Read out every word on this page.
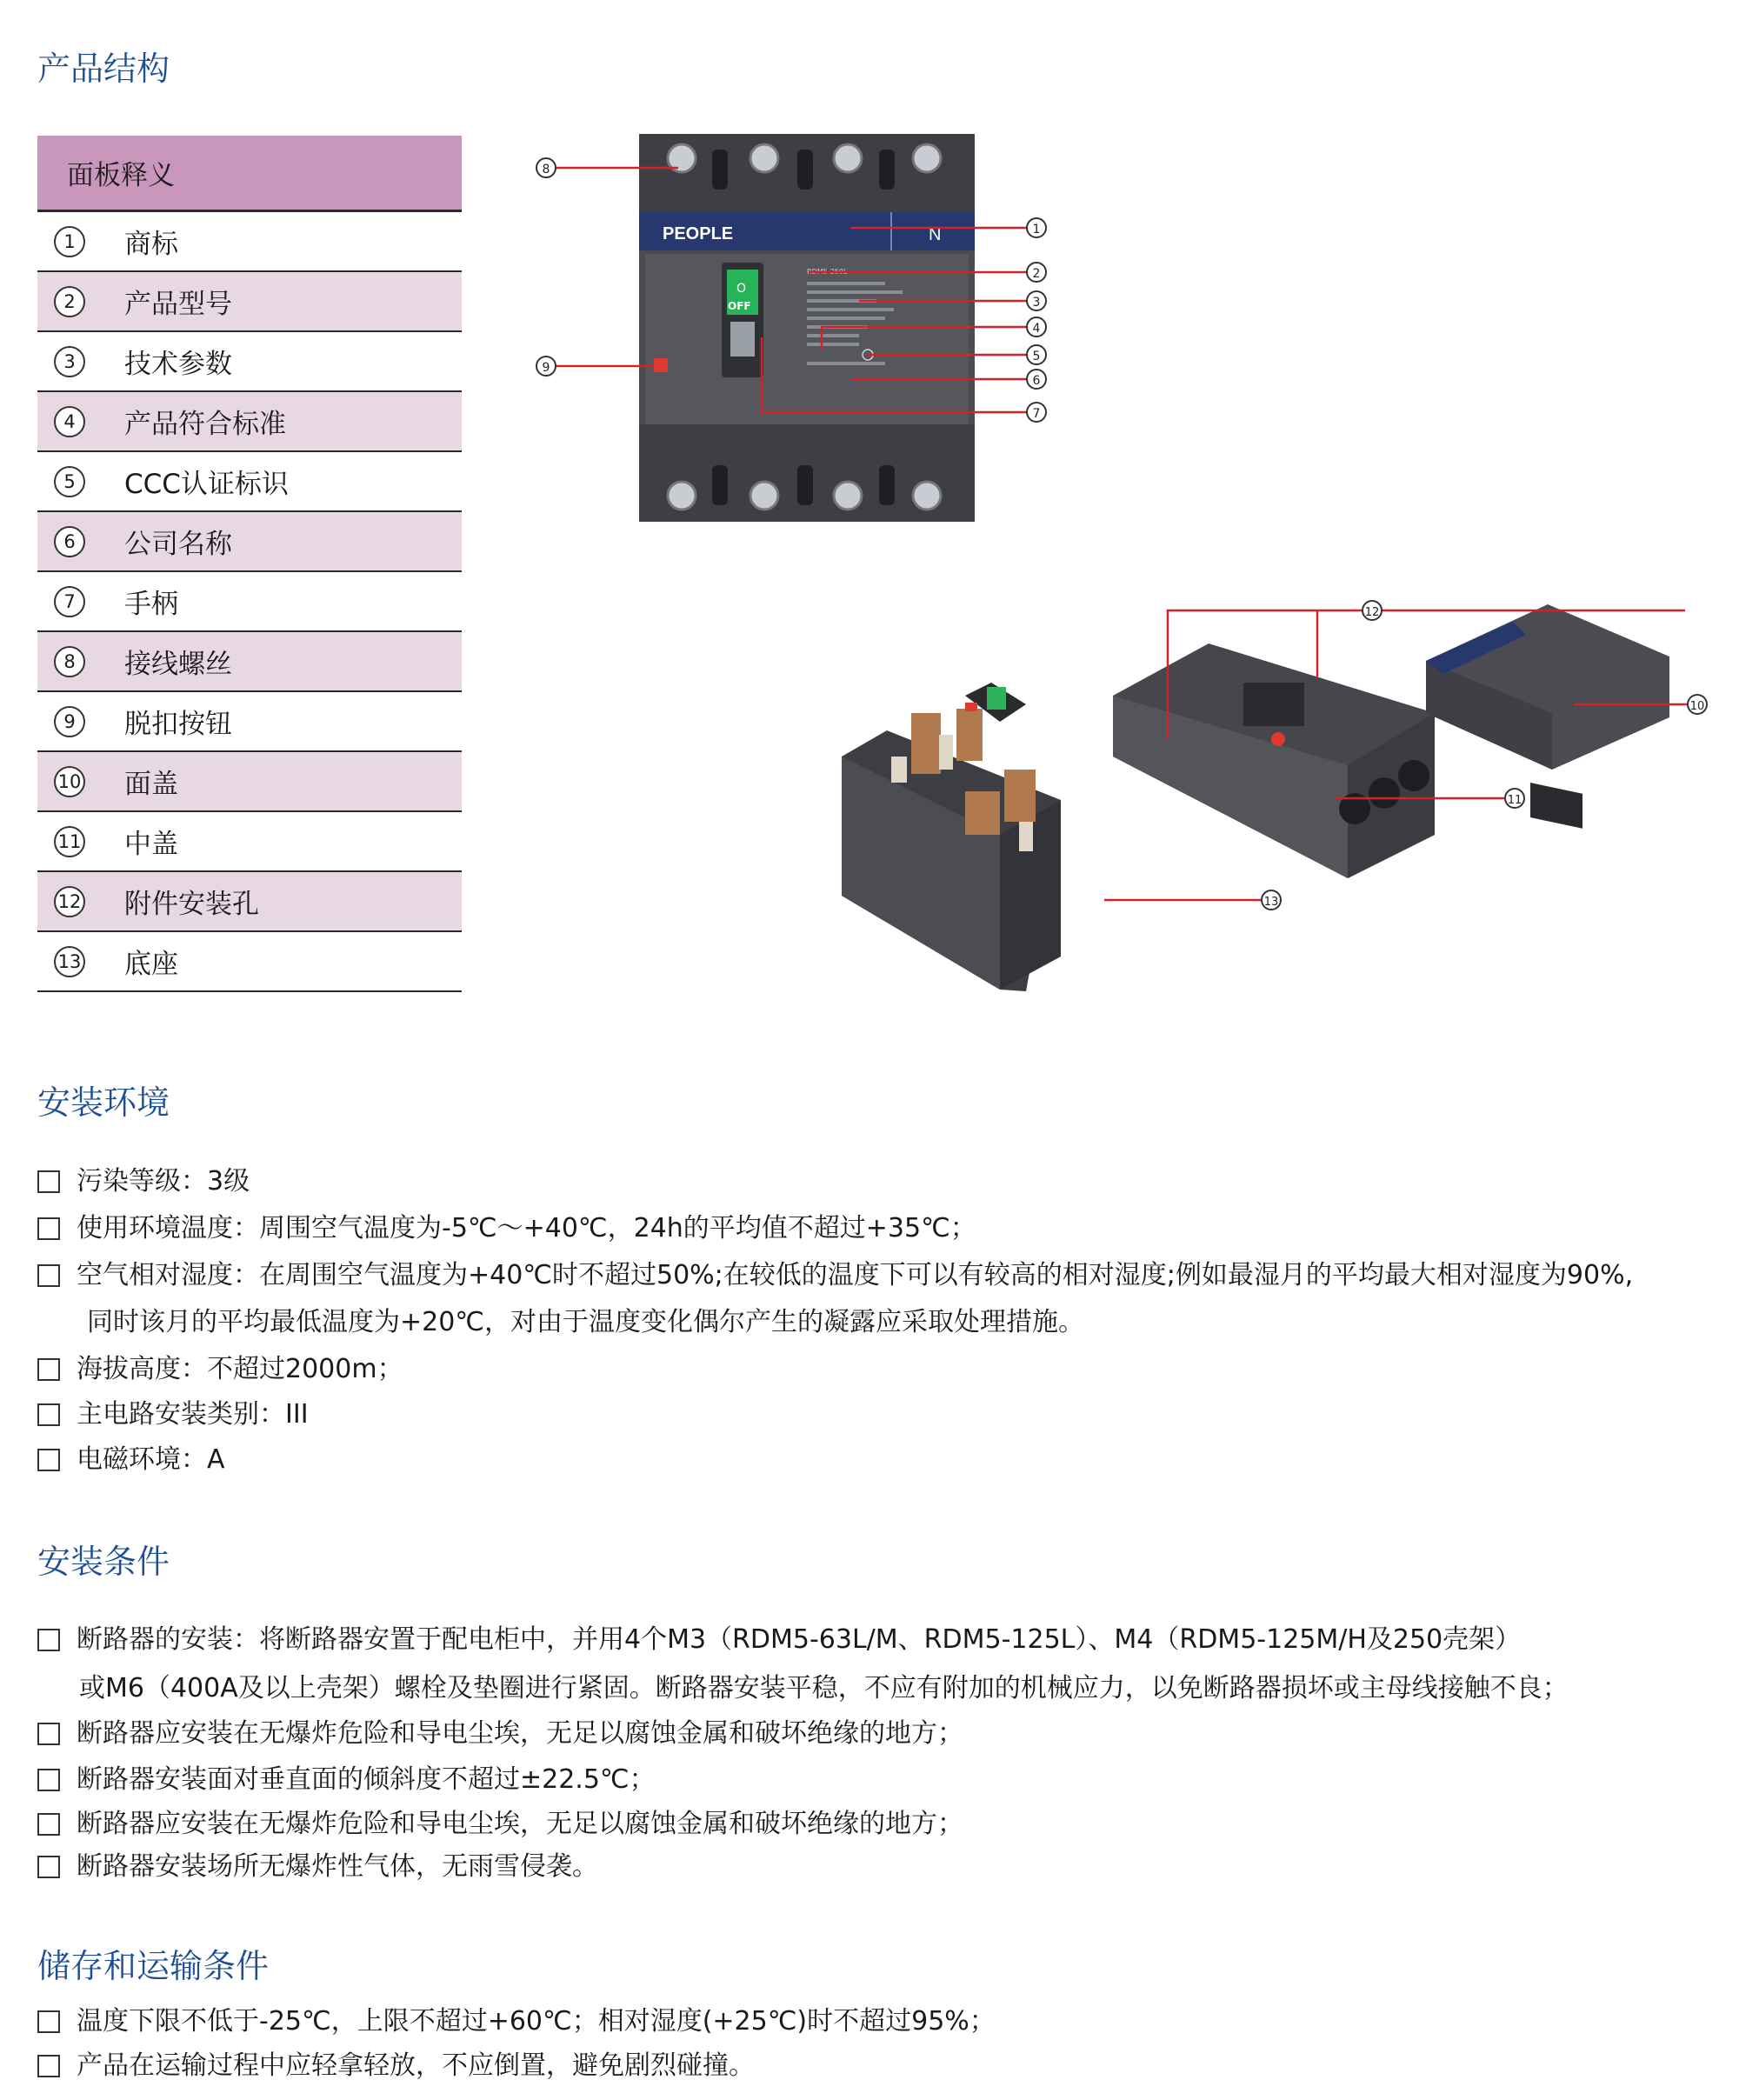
产品结构
面板释义
1	商标
2	产品型号
3	技术参数
4	产品符合标准
5	CCC认证标识
6	公司名称
7	手柄
8	接线螺丝
9	脱扣按钮
10 面盖
11 中盖
12 附件安装孔
13 底座
PEOPLE	N
O
OFF
RDM5-250L
8
9
1
2
3
4
5
6
7
12
10
11
13
安装环境
污染等级：3级
使用环境温度：周围空气温度为-5℃～+40℃，24h的平均值不超过+35℃；
空气相对湿度：在周围空气温度为+40℃时不超过50%;在较低的温度下可以有较高的相对湿度;例如最湿月的平均最大相对湿度为90%,
同时该月的平均最低温度为+20℃，对由于温度变化偶尔产生的凝露应采取处理措施。
海拔高度：不超过2000m；
主电路安装类别：III
电磁环境：A
安装条件
断路器的安装：将断路器安置于配电柜中，并用4个M3（RDM5-63L/M、RDM5-125L）、M4（RDM5-125M/H及250壳架）
或M6（400A及以上壳架）螺栓及垫圈进行紧固。断路器安装平稳，不应有附加的机械应力，以免断路器损坏或主母线接触不良；
断路器应安装在无爆炸危险和导电尘埃，无足以腐蚀金属和破坏绝缘的地方；
断路器安装面对垂直面的倾斜度不超过±22.5℃；
断路器应安装在无爆炸危险和导电尘埃，无足以腐蚀金属和破坏绝缘的地方；
断路器安装场所无爆炸性气体，无雨雪侵袭。
储存和运输条件
温度下限不低于-25℃，上限不超过+60℃；相对湿度(+25℃)时不超过95%；
产品在运输过程中应轻拿轻放，不应倒置，避免剧烈碰撞。
